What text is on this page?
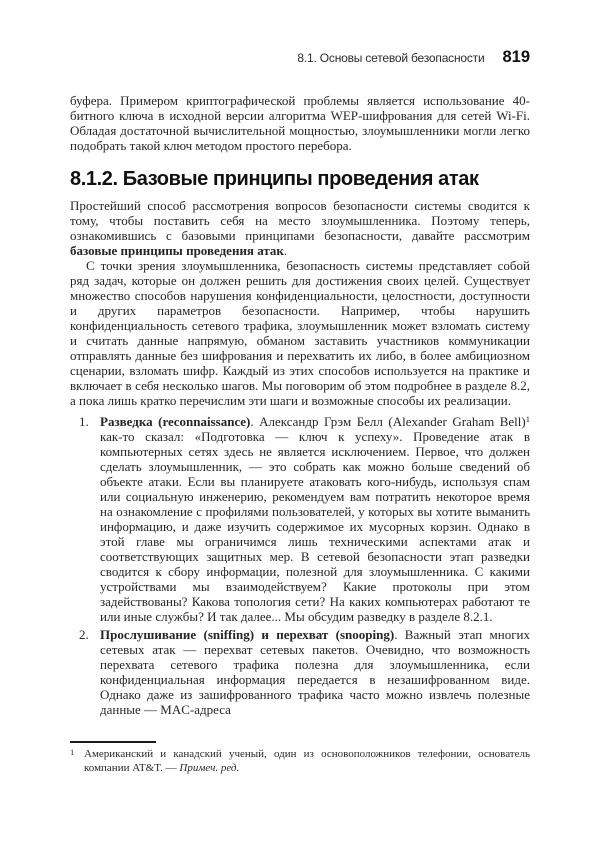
8.1. Основы сетевой безопасности 819

буфера. Примером криптографической проблемы является использование 40-битного ключа в исходной версии алгоритма WEP-шифрования для сетей Wi-Fi. Обладая достаточной вычислительной мощностью, злоумышленники могли легко подобрать такой ключ методом простого перебора.

8.1.2. Базовые принципы проведения атак

Простейший способ рассмотрения вопросов безопасности системы сводится к тому, чтобы поставить себя на место злоумышленника. Поэтому теперь, ознакомившись с базовыми принципами безопасности, давайте рассмотрим базовые принципы проведения атак.

С точки зрения злоумышленника, безопасность системы представляет собой ряд задач, которые он должен решить для достижения своих целей. Существует множество способов нарушения конфиденциальности, целостности, доступности и других параметров безопасности. Например, чтобы нарушить конфиденциальность сетевого трафика, злоумышленник может взломать систему и считать данные напрямую, обманом заставить участников коммуникации отправлять данные без шифрования и перехватить их либо, в более амбициозном сценарии, взломать шифр. Каждый из этих способов используется на практике и включает в себя несколько шагов. Мы поговорим об этом подробнее в разделе 8.2, а пока лишь кратко перечислим эти шаги и возможные способы их реализации.

1. Разведка (reconnaissance). Александр Грэм Белл (Alexander Graham Bell)$^1$ как-то сказал: «Подготовка — ключ к успеху». Проведение атак в компьютерных сетях здесь не является исключением. Первое, что должен сделать злоумышленник, — это собрать как можно больше сведений об объекте атаки. Если вы планируете атаковать кого-нибудь, используя спам или социальную инженерию, рекомендуем вам потратить некоторое время на ознакомление с профилями пользователей, у которых вы хотите выманить информацию, и даже изучить содержимое их мусорных корзин. Однако в этой главе мы ограничимся лишь техническими аспектами атак и соответствующих защитных мер. В сетевой безопасности этап разведки сводится к сбору информации, полезной для злоумышленника. С какими устройствами мы взаимодействуем? Какие протоколы при этом задействованы? Какова топология сети? На каких компьютерах работают те или иные службы? И так далее... Мы обсудим разведку в разделе 8.2.1.
2. Прослушивание (sniffing) и перехват (snooping). Важный этап многих сетевых атак — перехват сетевых пакетов. Очевидно, что возможность перехвата сетевого трафика полезна для злоумышленника, если конфиденциальная информация передается в незашифрованном виде. Однако даже из зашифрованного трафика часто можно извлечь полезные данные — MAC-адреса

1 Американский и канадский ученый, один из основоположников телефонии, основатель компании AT&T. — Примеч. ред.
